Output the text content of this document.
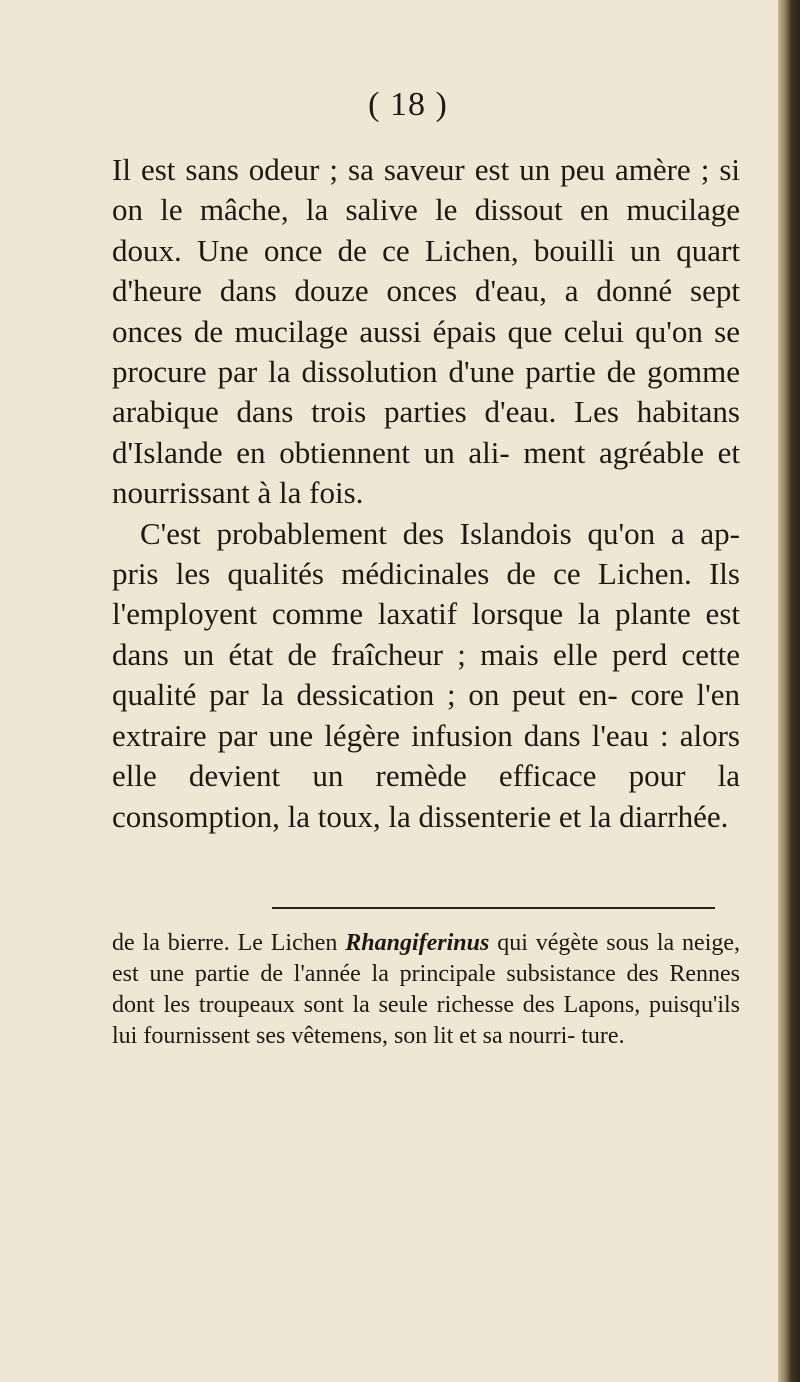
( 18 )

Il est sans odeur ; sa saveur est un peu amère ; si on le mâche, la salive le dissout en mucilage doux. Une once de ce Lichen, bouilli un quart d'heure dans douze onces d'eau, a donné sept onces de mucilage aussi épais que celui qu'on se procure par la dissolution d'une partie de gomme arabique dans trois parties d'eau. Les habitans d'Islande en obtiennent un ali- ment agréable et nourrissant à la fois.

C'est probablement des Islandois qu'on a ap- pris les qualités médicinales de ce Lichen. Ils l'employent comme laxatif lorsque la plante est dans un état de fraîcheur ; mais elle perd cette qualité par la dessication ; on peut en- core l'en extraire par une légère infusion dans l'eau : alors elle devient un remède efficace pour la consomption, la toux, la dissenterie et la diarrhée.

de la bierre. Le Lichen Rhangiferinus qui végète sous la neige, est une partie de l'année la principale subsistance des Rennes dont les troupeaux sont la seule richesse des Lapons, puisqu'ils lui fournissent ses vêtemens, son lit et sa nourri- ture.
